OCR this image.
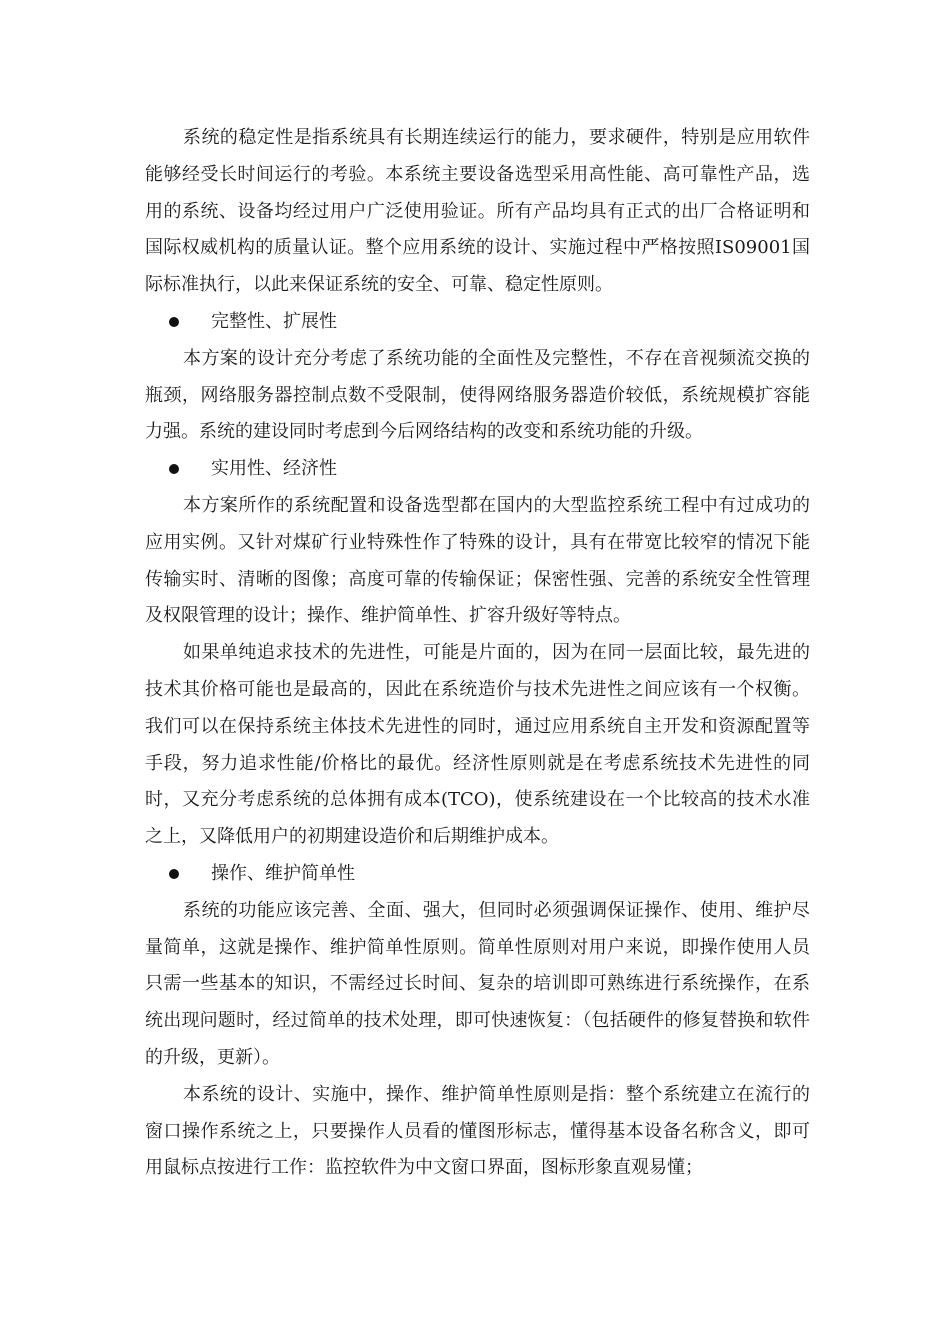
系统的稳定性是指系统具有长期连续运行的能力，要求硬件，特别是应用软件能够经受长时间运行的考验。本系统主要设备选型采用高性能、高可靠性产品，选用的系统、设备均经过用户广泛使用验证。所有产品均具有正式的出厂合格证明和国际权威机构的质量认证。整个应用系统的设计、实施过程中严格按照IS09001国际标准执行，以此来保证系统的安全、可靠、稳定性原则。

完整性、扩展性

本方案的设计充分考虑了系统功能的全面性及完整性，不存在音视频流交换的瓶颈，网络服务器控制点数不受限制，使得网络服务器造价较低，系统规模扩容能力强。系统的建设同时考虑到今后网络结构的改变和系统功能的升级。

实用性、经济性

本方案所作的系统配置和设备选型都在国内的大型监控系统工程中有过成功的应用实例。又针对煤矿行业特殊性作了特殊的设计，具有在带宽比较窄的情况下能传输实时、清晰的图像；高度可靠的传输保证；保密性强、完善的系统安全性管理及权限管理的设计；操作、维护简单性、扩容升级好等特点。

如果单纯追求技术的先进性，可能是片面的，因为在同一层面比较，最先进的技术其价格可能也是最高的，因此在系统造价与技术先进性之间应该有一个权衡。我们可以在保持系统主体技术先进性的同时，通过应用系统自主开发和资源配置等手段，努力追求性能/价格比的最优。经济性原则就是在考虑系统技术先进性的同时，又充分考虑系统的总体拥有成本(TCO)，使系统建设在一个比较高的技术水准之上，又降低用户的初期建设造价和后期维护成本。

操作、维护简单性

系统的功能应该完善、全面、强大，但同时必须强调保证操作、使用、维护尽量简单，这就是操作、维护简单性原则。简单性原则对用户来说，即操作使用人员只需一些基本的知识，不需经过长时间、复杂的培训即可熟练进行系统操作，在系统出现问题时，经过简单的技术处理，即可快速恢复：（包括硬件的修复替换和软件的升级，更新）。

本系统的设计、实施中，操作、维护简单性原则是指：整个系统建立在流行的窗口操作系统之上，只要操作人员看的懂图形标志，懂得基本设备名称含义，即可用鼠标点按进行工作：监控软件为中文窗口界面，图标形象直观易懂；
